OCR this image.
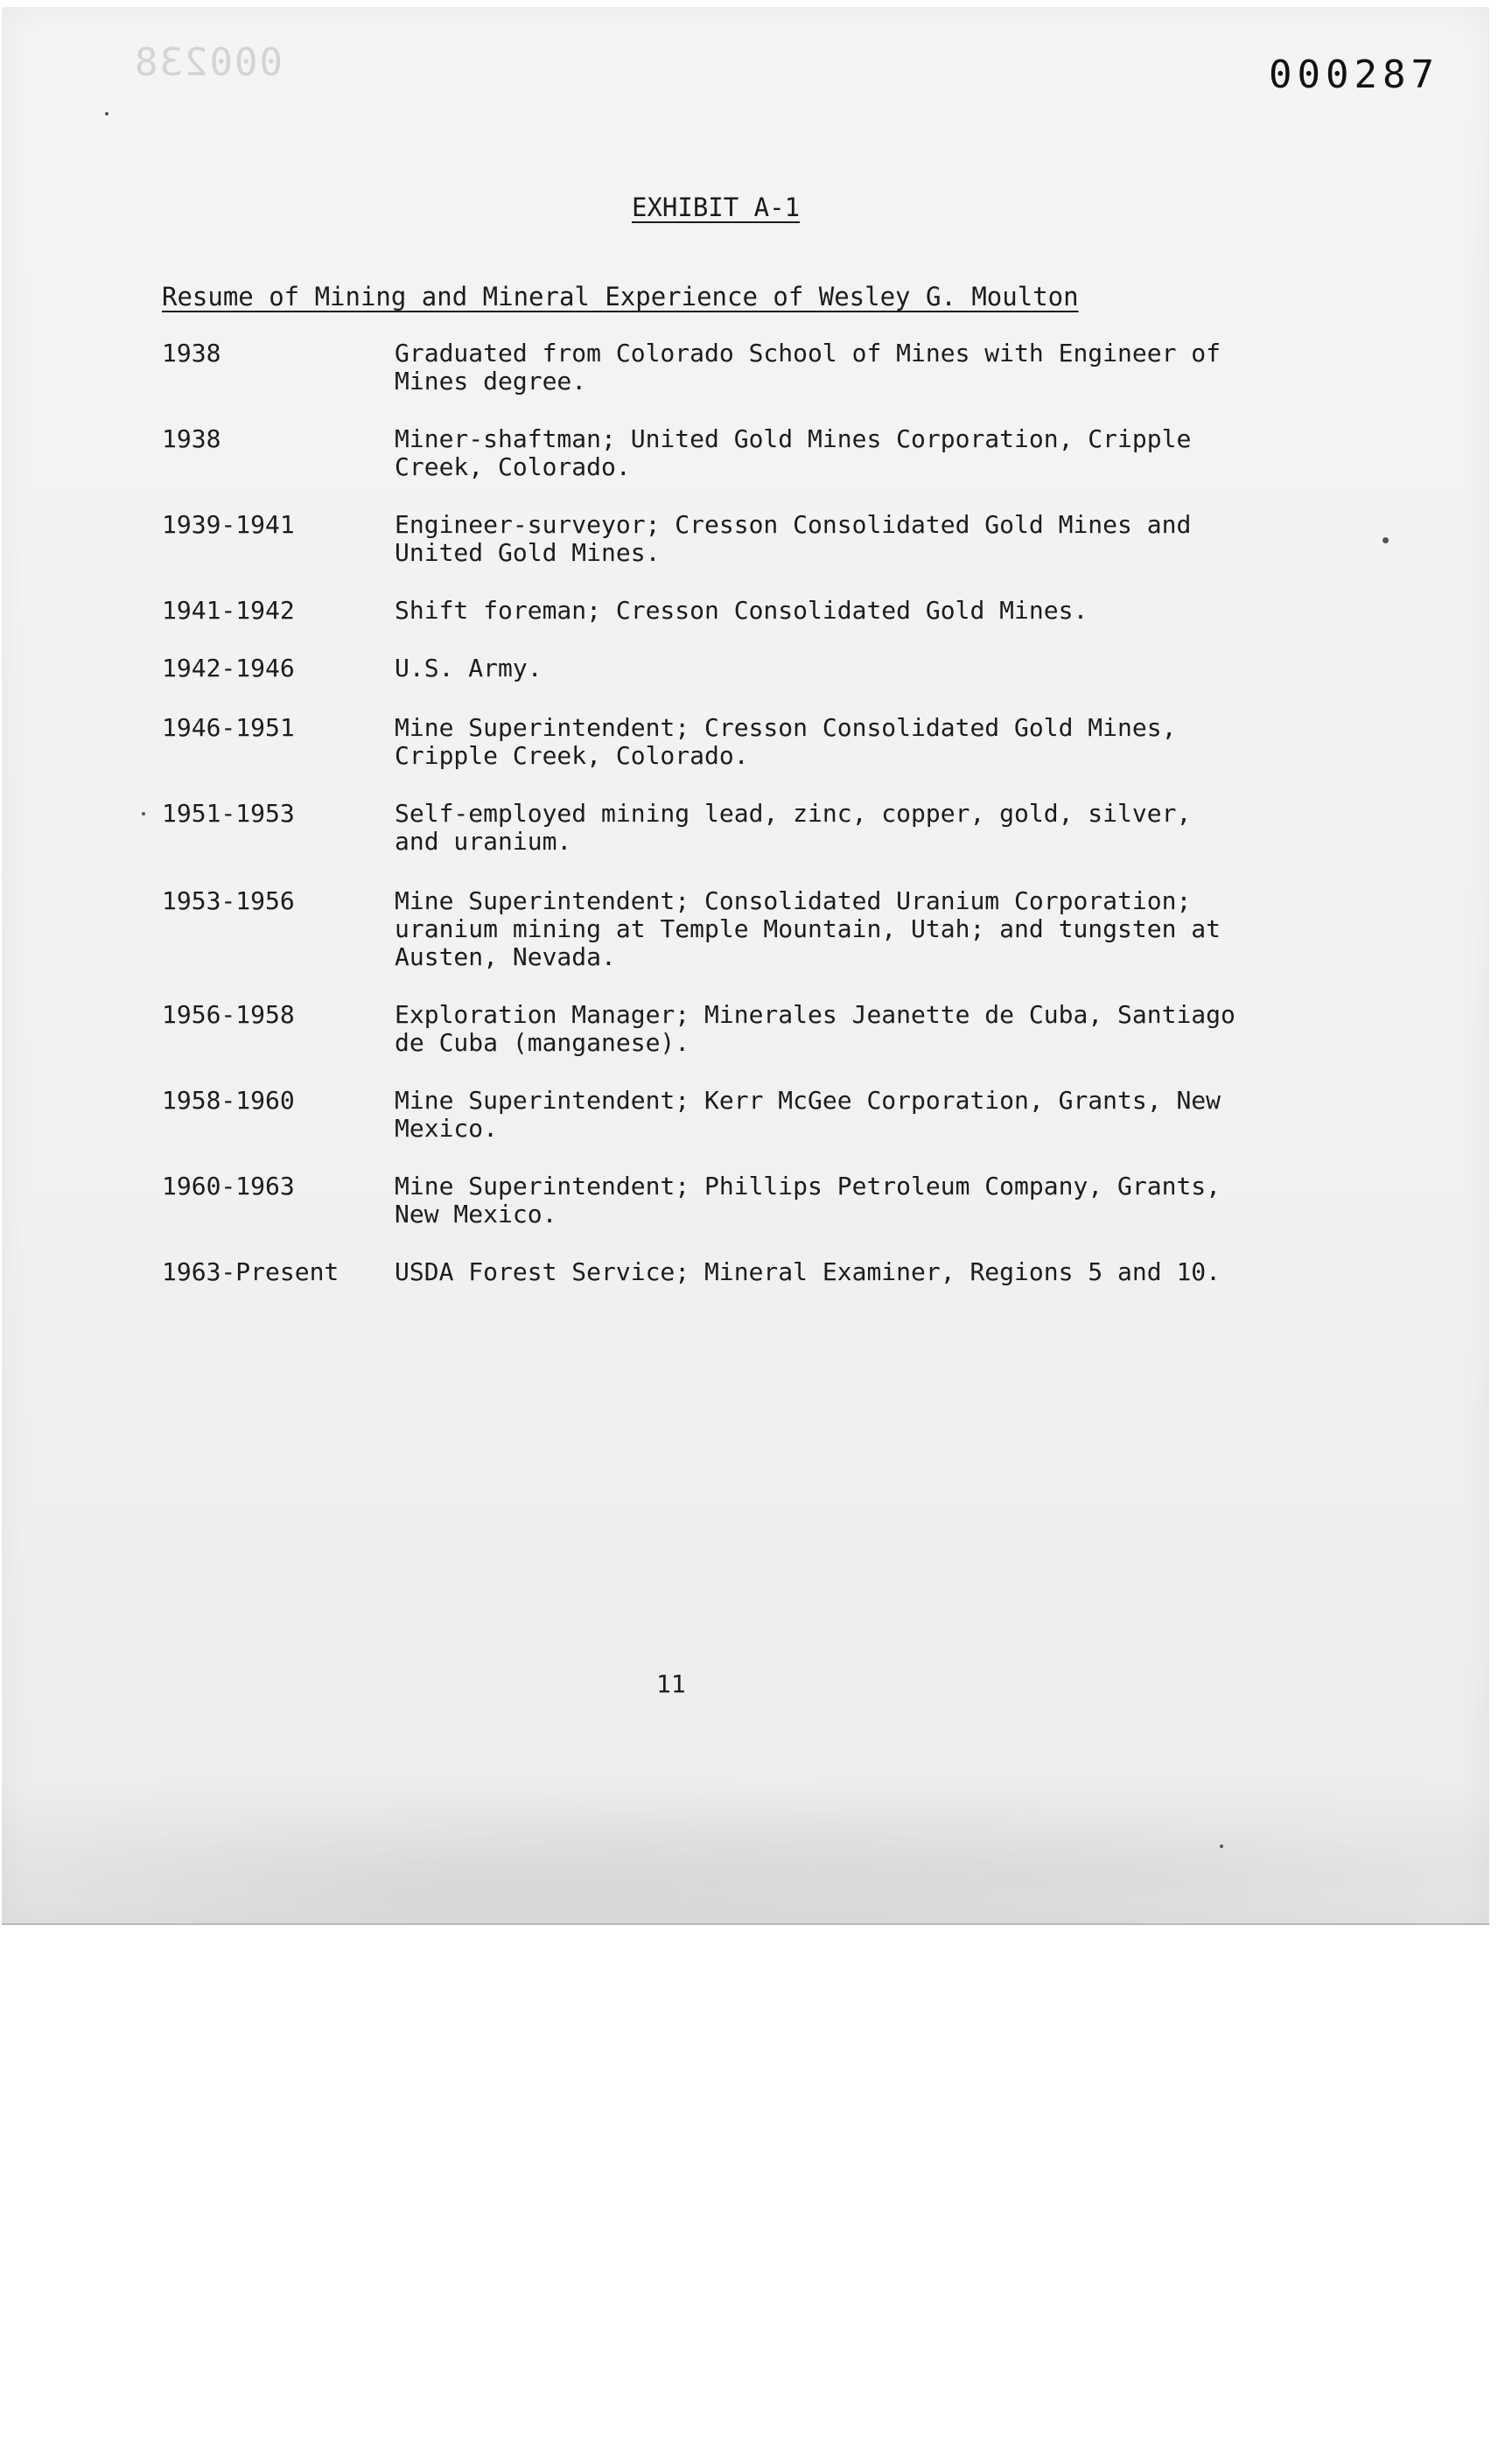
000238	000287
EXHIBIT A-1
Resume of Mining and Mineral Experience of Wesley G. Moulton
1938	Graduated from Colorado School of Mines with Engineer of
Mines degree.
1938	Miner-shaftman; United Gold Mines Corporation, Cripple
Creek, Colorado.
1939-1941	Engineer-surveyor; Cresson Consolidated Gold Mines and
United Gold Mines.
1941-1942	Shift foreman; Cresson Consolidated Gold Mines.
1942-1946	U.S. Army.
1946-1951	Mine Superintendent; Cresson Consolidated Gold Mines,
Cripple Creek, Colorado.
1951-1953	Self-employed mining lead, zinc, copper, gold, silver,
and uranium.
1953-1956	Mine Superintendent; Consolidated Uranium Corporation;
uranium mining at Temple Mountain, Utah; and tungsten at
Austen, Nevada.
1956-1958	Exploration Manager; Minerales Jeanette de Cuba, Santiago
de Cuba (manganese).
1958-1960	Mine Superintendent; Kerr McGee Corporation, Grants, New
Mexico.
1960-1963	Mine Superintendent; Phillips Petroleum Company, Grants,
New Mexico.
1963-Present	USDA Forest Service; Mineral Examiner, Regions 5 and 10.
11
